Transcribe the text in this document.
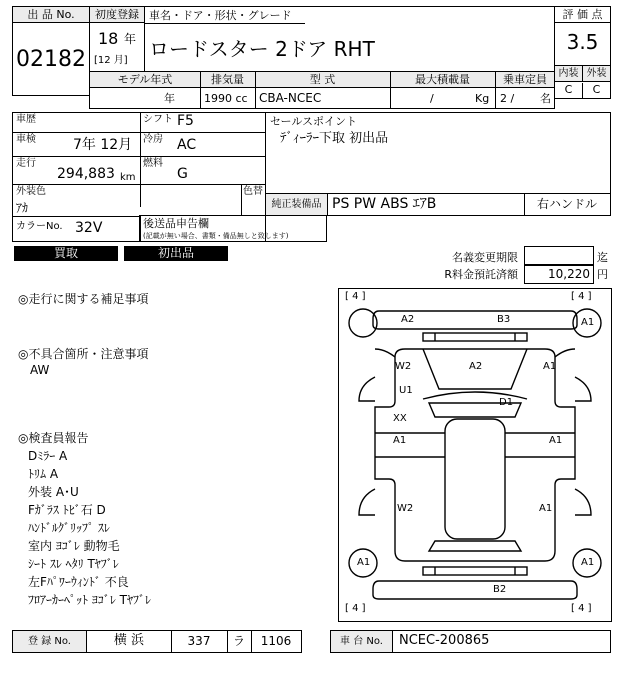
出 品 No.
02182
初度登録
18 年
[12 月]
車名・ドア・形状・グレード
ロードスター 2ドア RHT
評 価 点
3.5
内装 外装
C	C
モデル年式
年
排気量
1990 cc
型 式
CBA-NCEC
最大積載量
/	Kg
乗車定員
2 / 名
車歴	シフト F5
車検	7年 12月 冷房 AC
走行
294,883 km
燃料
G
外装色
ｱｶ
色替
カラーNo. 32V	後送品申告欄
(記載が無い場合、書類・備品無しと致します)
セールスポイント
ﾃﾞｨｰﾗｰ下取 初出品
純正装備品 PS PW ABS ｴｱB	右ハンドル
買取	初出品	名義変更期限	迄
R料金預託済額	10,220 円
◎走行に関する補足事項
◎不具合箇所・注意事項
AW
◎検査員報告
Dﾐﾗｰ A
ﾄﾘﾑ A
外装 A･U
Fｶﾞﾗｽ ﾄﾋﾞ石 D
ﾊﾝﾄﾞﾙｸﾞﾘｯﾌﾟ ｽﾚ
室内 ﾖｺﾞﾚ 動物毛
ｼｰﾄ ｽﾚ ﾍﾀﾘ Tﾔﾌﾞﾚ
左Fﾊﾟﾜｰｳｨﾝﾄﾞ 不良
ﾌﾛｱｰｶｰﾍﾟｯﾄ ﾖｺﾞﾚ Tﾔﾌﾞﾚ
[ 4 ]	[ 4 ]
[ 4 ]	[ 4 ]
A2	B3	A1
W2	A2	A1
U1
D1
XX
A1	A1
W2	A1
A1	A1
B2
登 録 No.	横 浜	337	ラ	1106	車 台 No.	NCEC-200865
